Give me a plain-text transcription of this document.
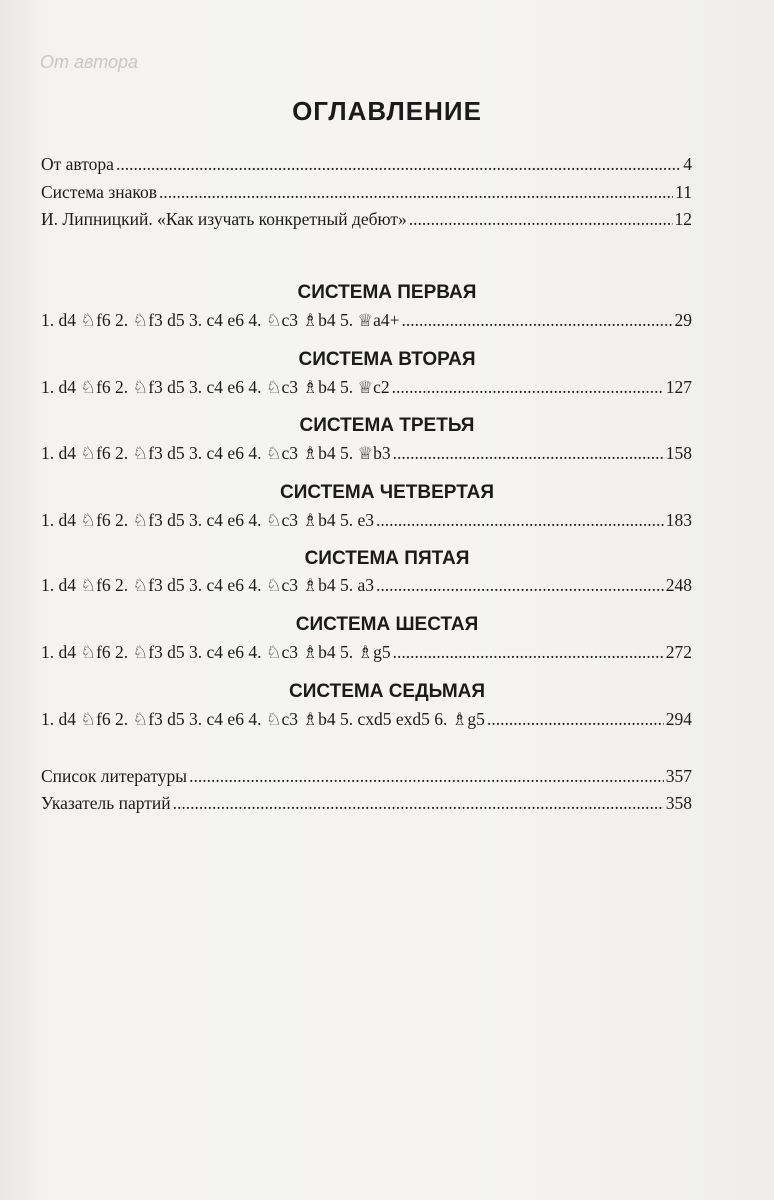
От автора
ОГЛАВЛЕНИЕ
От автора .....	4
Система знаков .....	11
И. Липницкий. «Как изучать конкретный дебют» .....	12
СИСТЕМА ПЕРВАЯ
1. d4 ♘f6 2. ♘f3 d5 3. c4 e6 4. ♘c3 ♗b4 5. ♕a4+ .....	29
СИСТЕМА ВТОРАЯ
1. d4 ♘f6 2. ♘f3 d5 3. c4 e6 4. ♘c3 ♗b4 5. ♕c2 .....	127
СИСТЕМА ТРЕТЬЯ
1. d4 ♘f6 2. ♘f3 d5 3. c4 e6 4. ♘c3 ♗b4 5. ♕b3 .....	158
СИСТЕМА ЧЕТВЕРТАЯ
1. d4 ♘f6 2. ♘f3 d5 3. c4 e6 4. ♘c3 ♗b4 5. e3 .....	183
СИСТЕМА ПЯТАЯ
1. d4 ♘f6 2. ♘f3 d5 3. c4 e6 4. ♘c3 ♗b4 5. a3 .....	248
СИСТЕМА ШЕСТАЯ
1. d4 ♘f6 2. ♘f3 d5 3. c4 e6 4. ♘c3 ♗b4 5. ♗g5 .....	272
СИСТЕМА СЕДЬМАЯ
1. d4 ♘f6 2. ♘f3 d5 3. c4 e6 4. ♘c3 ♗b4 5. cxd5 exd5 6. ♗g5 .....	294
Список литературы .....	357
Указатель партий .....	358
